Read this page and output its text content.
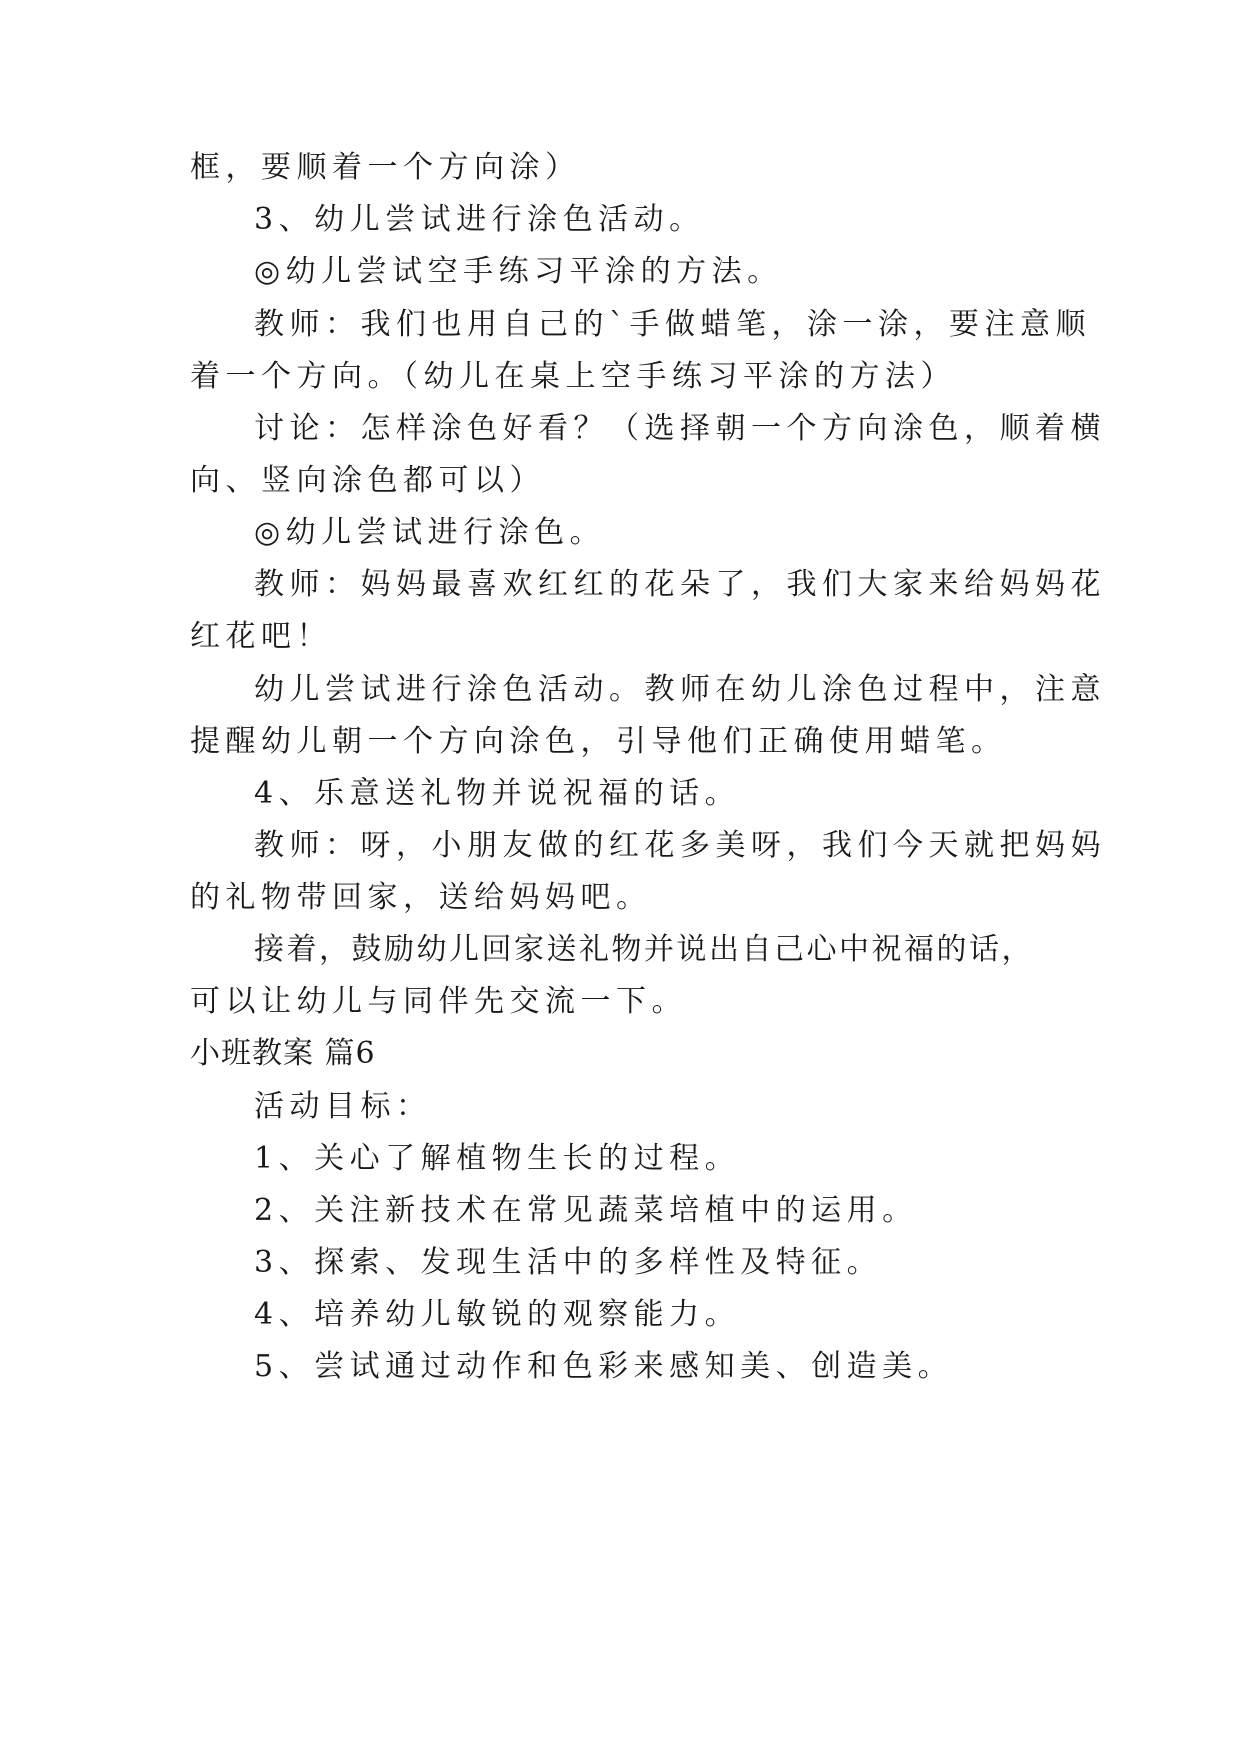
框，要顺着一个方向涂）
3、幼儿尝试进行涂色活动。
◎幼儿尝试空手练习平涂的方法。
教师：我们也用自己的`手做蜡笔，涂一涂，要注意顺
着一个方向。（幼儿在桌上空手练习平涂的方法）
讨论：怎样涂色好看？（选择朝一个方向涂色，顺着横
向、竖向涂色都可以）
◎幼儿尝试进行涂色。
教师：妈妈最喜欢红红的花朵了，我们大家来给妈妈花
红花吧！
幼儿尝试进行涂色活动。教师在幼儿涂色过程中，注意
提醒幼儿朝一个方向涂色，引导他们正确使用蜡笔。
4、乐意送礼物并说祝福的话。
教师：呀，小朋友做的红花多美呀，我们今天就把妈妈
的礼物带回家，送给妈妈吧。
接着，鼓励幼儿回家送礼物并说出自己心中祝福的话，
可以让幼儿与同伴先交流一下。
小班教案 篇6
活动目标：
1、关心了解植物生长的过程。
2、关注新技术在常见蔬菜培植中的运用。
3、探索、发现生活中的多样性及特征。
4、培养幼儿敏锐的观察能力。
5、尝试通过动作和色彩来感知美、创造美。
